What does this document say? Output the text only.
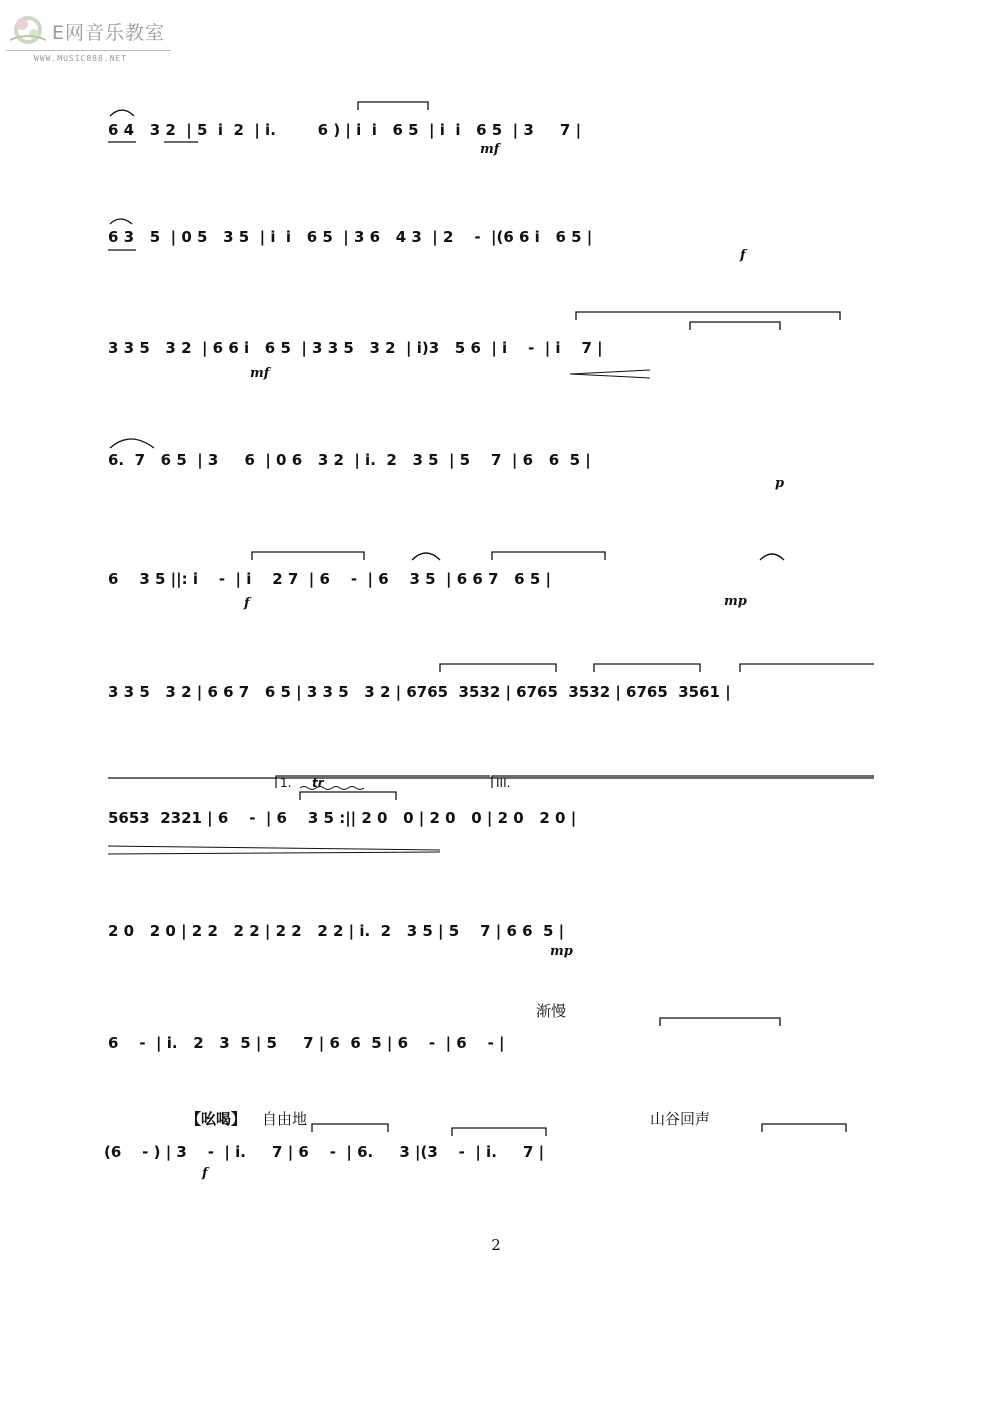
E网音乐教室
WWW.MUSIC888.NET
6 4   3 2  | 5  i  2  | i.        6 ) | i  i   6 5  | i  i   6 5  | 3     7 |
mf
6 3   5  | 0 5   3 5  | i  i   6 5  | 3 6   4 3  | 2    -  |(6 6 i   6 5 |
f
3 3 5   3 2  | 6 6 i   6 5  | 3 3 5   3 2  | i)3   5 6  | i    -  | i    7 |
mf
6.  7   6 5  | 3     6  | 0 6   3 2  | i.  2   3 5  | 5    7  | 6   6  5 |
p
6    3 5 ||: i    -  | i    2 7  | 6    -  | 6    3 5  | 6 6 7   6 5 |
f	mp
3 3 5   3 2 | 6 6 7   6 5 | 3 3 5   3 2 | 6765  3532 | 6765  3532 | 6765  3561 |
5653  2321 | 6    -  | 6    3 5 :|| 2 0   0 | 2 0   0 | 2 0   2 0 |
1. tr	III.
2 0   2 0 | 2 2   2 2 | 2 2   2 2 | i.  2   3 5 | 5    7 | 6 6  5 |
mp
6    -  | i.   2   3  5 | 5     7 | 6  6  5 | 6    -  | 6    - |
渐慢
(6    - ) | 3    -  | i.     7 | 6    -  | 6.     3 |(3    -  | i.     7 |
【吆喝】 自由地	山谷回声
f
2
